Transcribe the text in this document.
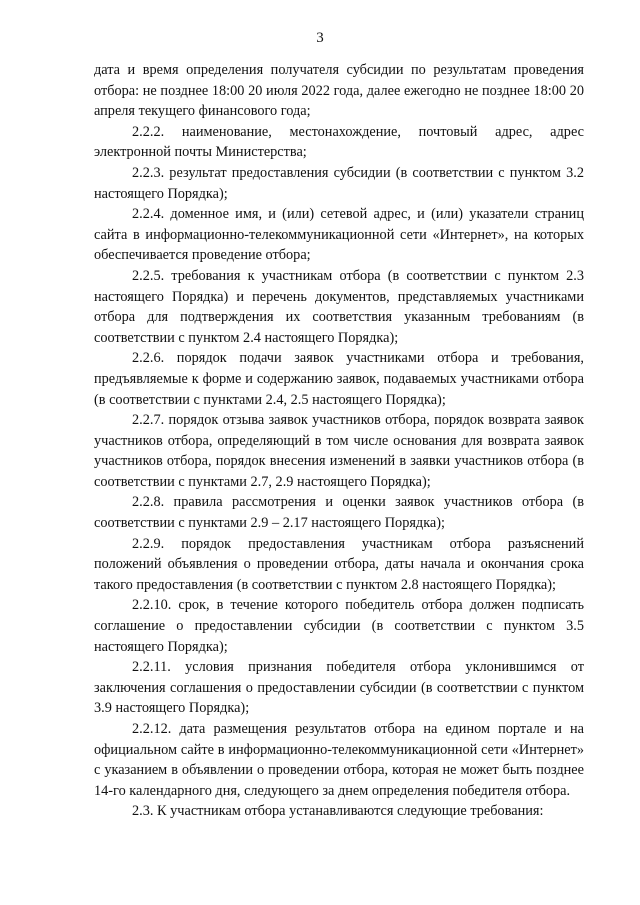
3

дата и время определения получателя субсидии по результатам проведения отбора: не позднее 18:00 20 июля 2022 года, далее ежегодно не позднее 18:00 20 апреля текущего финансового года;

2.2.2. наименование, местонахождение, почтовый адрес, адрес электронной почты Министерства;

2.2.3. результат предоставления субсидии (в соответствии с пунктом 3.2 настоящего Порядка);

2.2.4. доменное имя, и (или) сетевой адрес, и (или) указатели страниц сайта в информационно-телекоммуникационной сети «Интернет», на которых обеспечивается проведение отбора;

2.2.5. требования к участникам отбора (в соответствии с пунктом 2.3 настоящего Порядка) и перечень документов, представляемых участниками отбора для подтверждения их соответствия указанным требованиям (в соответствии с пунктом 2.4 настоящего Порядка);

2.2.6. порядок подачи заявок участниками отбора и требования, предъявляемые к форме и содержанию заявок, подаваемых участниками отбора (в соответствии с пунктами 2.4, 2.5 настоящего Порядка);

2.2.7. порядок отзыва заявок участников отбора, порядок возврата заявок участников отбора, определяющий в том числе основания для возврата заявок участников отбора, порядок внесения изменений в заявки участников отбора (в соответствии с пунктами 2.7, 2.9 настоящего Порядка);

2.2.8. правила рассмотрения и оценки заявок участников отбора (в соответствии с пунктами 2.9 – 2.17 настоящего Порядка);

2.2.9. порядок предоставления участникам отбора разъяснений положений объявления о проведении отбора, даты начала и окончания срока такого предоставления (в соответствии с пунктом 2.8 настоящего Порядка);

2.2.10. срок, в течение которого победитель отбора должен подписать соглашение о предоставлении субсидии (в соответствии с пунктом 3.5 настоящего Порядка);

2.2.11. условия признания победителя отбора уклонившимся от заключения соглашения о предоставлении субсидии (в соответствии с пунктом 3.9 настоящего Порядка);

2.2.12. дата размещения результатов отбора на едином портале и на официальном сайте в информационно-телекоммуникационной сети «Интернет» с указанием в объявлении о проведении отбора, которая не может быть позднее 14-го календарного дня, следующего за днем определения победителя отбора.

2.3. К участникам отбора устанавливаются следующие требования:
